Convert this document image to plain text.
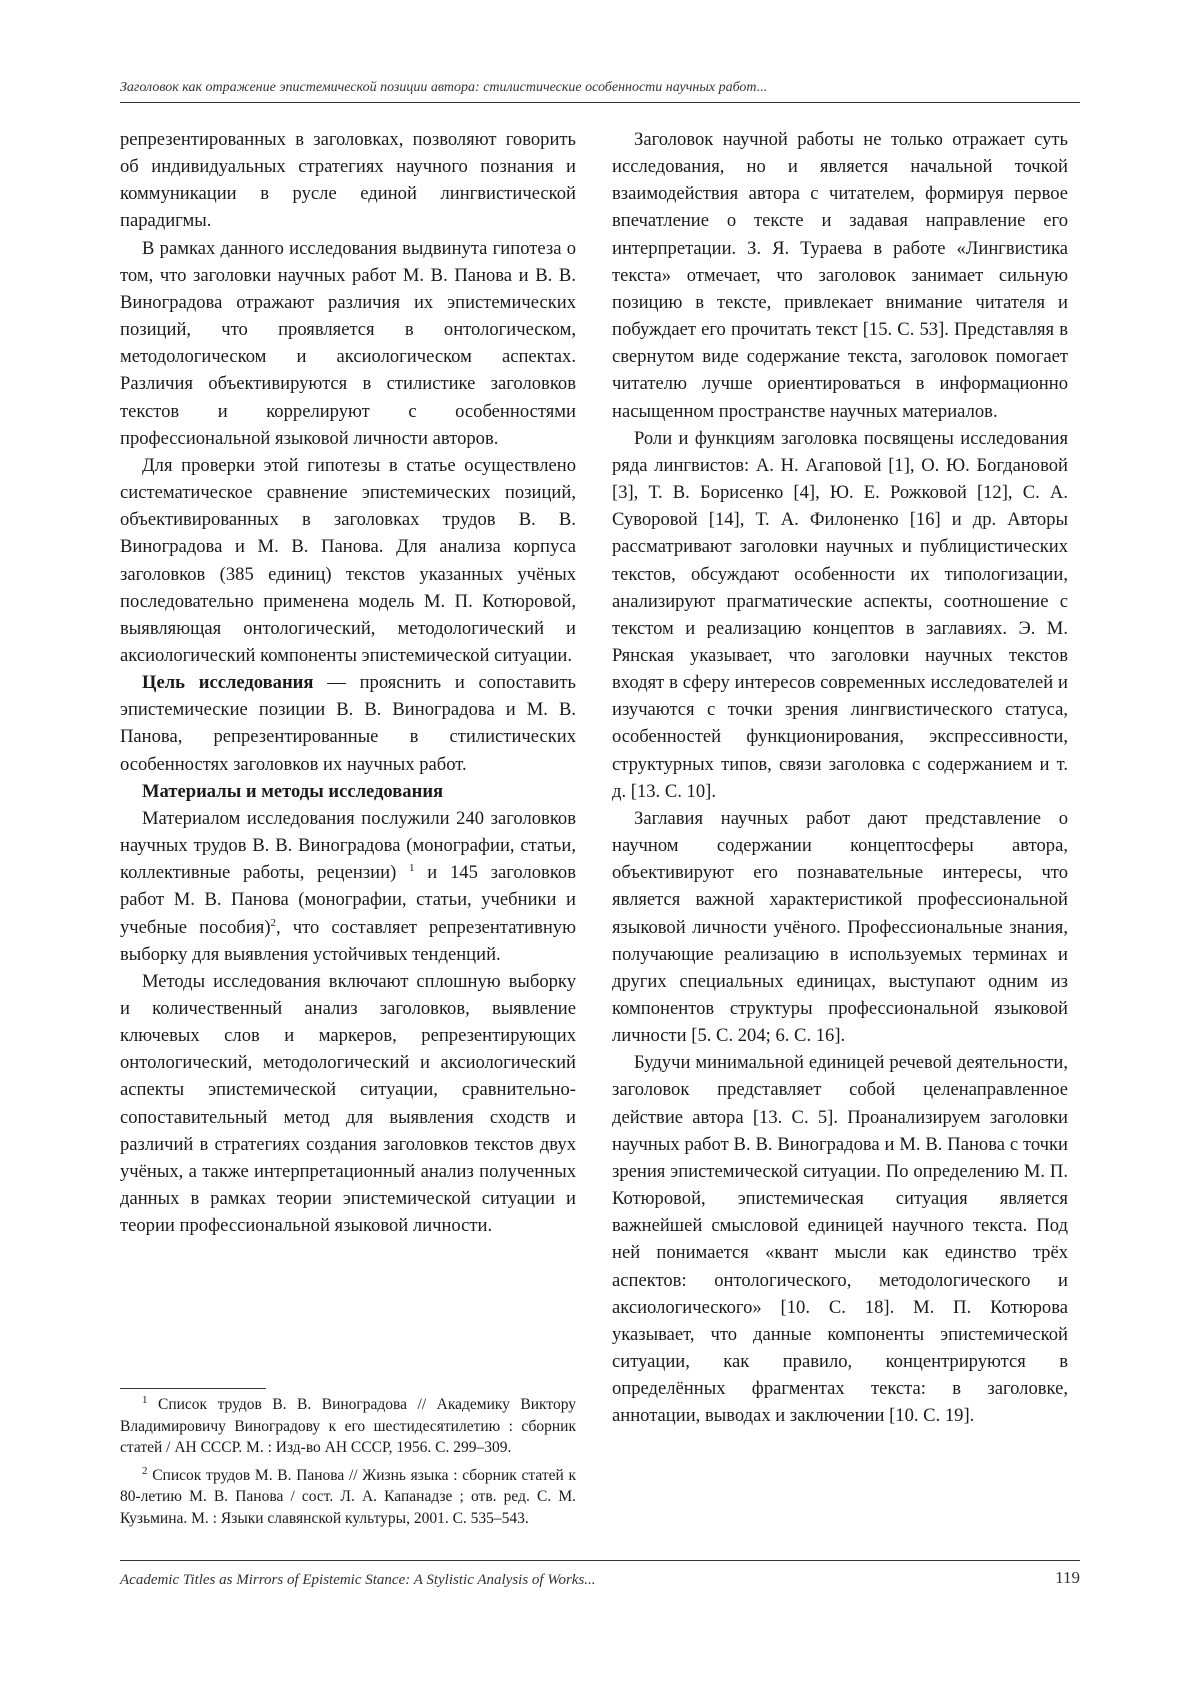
Заголовок как отражение эпистемической позиции автора: стилистические особенности научных работ...

репрезентированных в заголовках, позволяют говорить об индивидуальных стратегиях научного познания и коммуникации в русле единой лингвистической парадигмы.

В рамках данного исследования выдвинута гипотеза о том, что заголовки научных работ М. В. Панова и В. В. Виноградова отражают различия их эпистемических позиций, что проявляется в онтологическом, методологическом и аксиологическом аспектах. Различия объективируются в стилистике заголовков текстов и коррелируют с особенностями профессиональной языковой личности авторов.

Для проверки этой гипотезы в статье осуществлено систематическое сравнение эпистемических позиций, объективированных в заголовках трудов В. В. Виноградова и М. В. Панова. Для анализа корпуса заголовков (385 единиц) текстов указанных учёных последовательно применена модель М. П. Котюровой, выявляющая онтологический, методологический и аксиологический компоненты эпистемической ситуации.

Цель исследования — прояснить и сопоставить эпистемические позиции В. В. Виноградова и М. В. Панова, репрезентированные в стилистических особенностях заголовков их научных работ.

Материалы и методы исследования

Материалом исследования послужили 240 заголовков научных трудов В. В. Виноградова (монографии, статьи, коллективные работы, рецензии) $^1$ и 145 заголовков работ М. В. Панова (монографии, статьи, учебники и учебные пособия)$^2$, что составляет репрезентативную выборку для выявления устойчивых тенденций.

Методы исследования включают сплошную выборку и количественный анализ заголовков, выявление ключевых слов и маркеров, репрезентирующих онтологический, методологический и аксиологический аспекты эпистемической ситуации, сравнительно-сопоставительный метод для выявления сходств и различий в стратегиях создания заголовков текстов двух учёных, а также интерпретационный анализ полученных данных в рамках теории эпистемической ситуации и теории профессиональной языковой личности.

$^1$ Список трудов В. В. Виноградова // Академику Виктору Владимировичу Виноградову к его шестидесятилетию : сборник статей / АН СССР. М. : Изд-во АН СССР, 1956. С. 299–309.

$^2$ Список трудов М. В. Панова // Жизнь языка : сборник статей к 80-летию М. В. Панова / сост. Л. А. Капанадзе ; отв. ред. С. М. Кузьмина. М. : Языки славянской культуры, 2001. С. 535–543.

Заголовок научной работы не только отражает суть исследования, но и является начальной точкой взаимодействия автора с читателем, формируя первое впечатление о тексте и задавая направление его интерпретации. З. Я. Тураева в работе «Лингвистика текста» отмечает, что заголовок занимает сильную позицию в тексте, привлекает внимание читателя и побуждает его прочитать текст [15. С. 53]. Представляя в свернутом виде содержание текста, заголовок помогает читателю лучше ориентироваться в информационно насыщенном пространстве научных материалов.

Роли и функциям заголовка посвящены исследования ряда лингвистов: А. Н. Агаповой [1], О. Ю. Богдановой [3], Т. В. Борисенко [4], Ю. Е. Рожковой [12], С. А. Суворовой [14], Т. А. Филоненко [16] и др. Авторы рассматривают заголовки научных и публицистических текстов, обсуждают особенности их типологизации, анализируют прагматические аспекты, соотношение с текстом и реализацию концептов в заглавиях. Э. М. Рянская указывает, что заголовки научных текстов входят в сферу интересов современных исследователей и изучаются с точки зрения лингвистического статуса, особенностей функционирования, экспрессивности, структурных типов, связи заголовка с содержанием и т. д. [13. С. 10].

Заглавия научных работ дают представление о научном содержании концептосферы автора, объективируют его познавательные интересы, что является важной характеристикой профессиональной языковой личности учёного. Профессиональные знания, получающие реализацию в используемых терминах и других специальных единицах, выступают одним из компонентов структуры профессиональной языковой личности [5. С. 204; 6. С. 16].

Будучи минимальной единицей речевой деятельности, заголовок представляет собой целенаправленное действие автора [13. С. 5]. Проанализируем заголовки научных работ В. В. Виноградова и М. В. Панова с точки зрения эпистемической ситуации. По определению М. П. Котюровой, эпистемическая ситуация является важнейшей смысловой единицей научного текста. Под ней понимается «квант мысли как единство трёх аспектов: онтологического, методологического и аксиологического» [10. С. 18]. М. П. Котюрова указывает, что данные компоненты эпистемической ситуации, как правило, концентрируются в определённых фрагментах текста: в заголовке, аннотации, выводах и заключении [10. С. 19].

Academic Titles as Mirrors of Epistemic Stance: A Stylistic Analysis of Works...	119
